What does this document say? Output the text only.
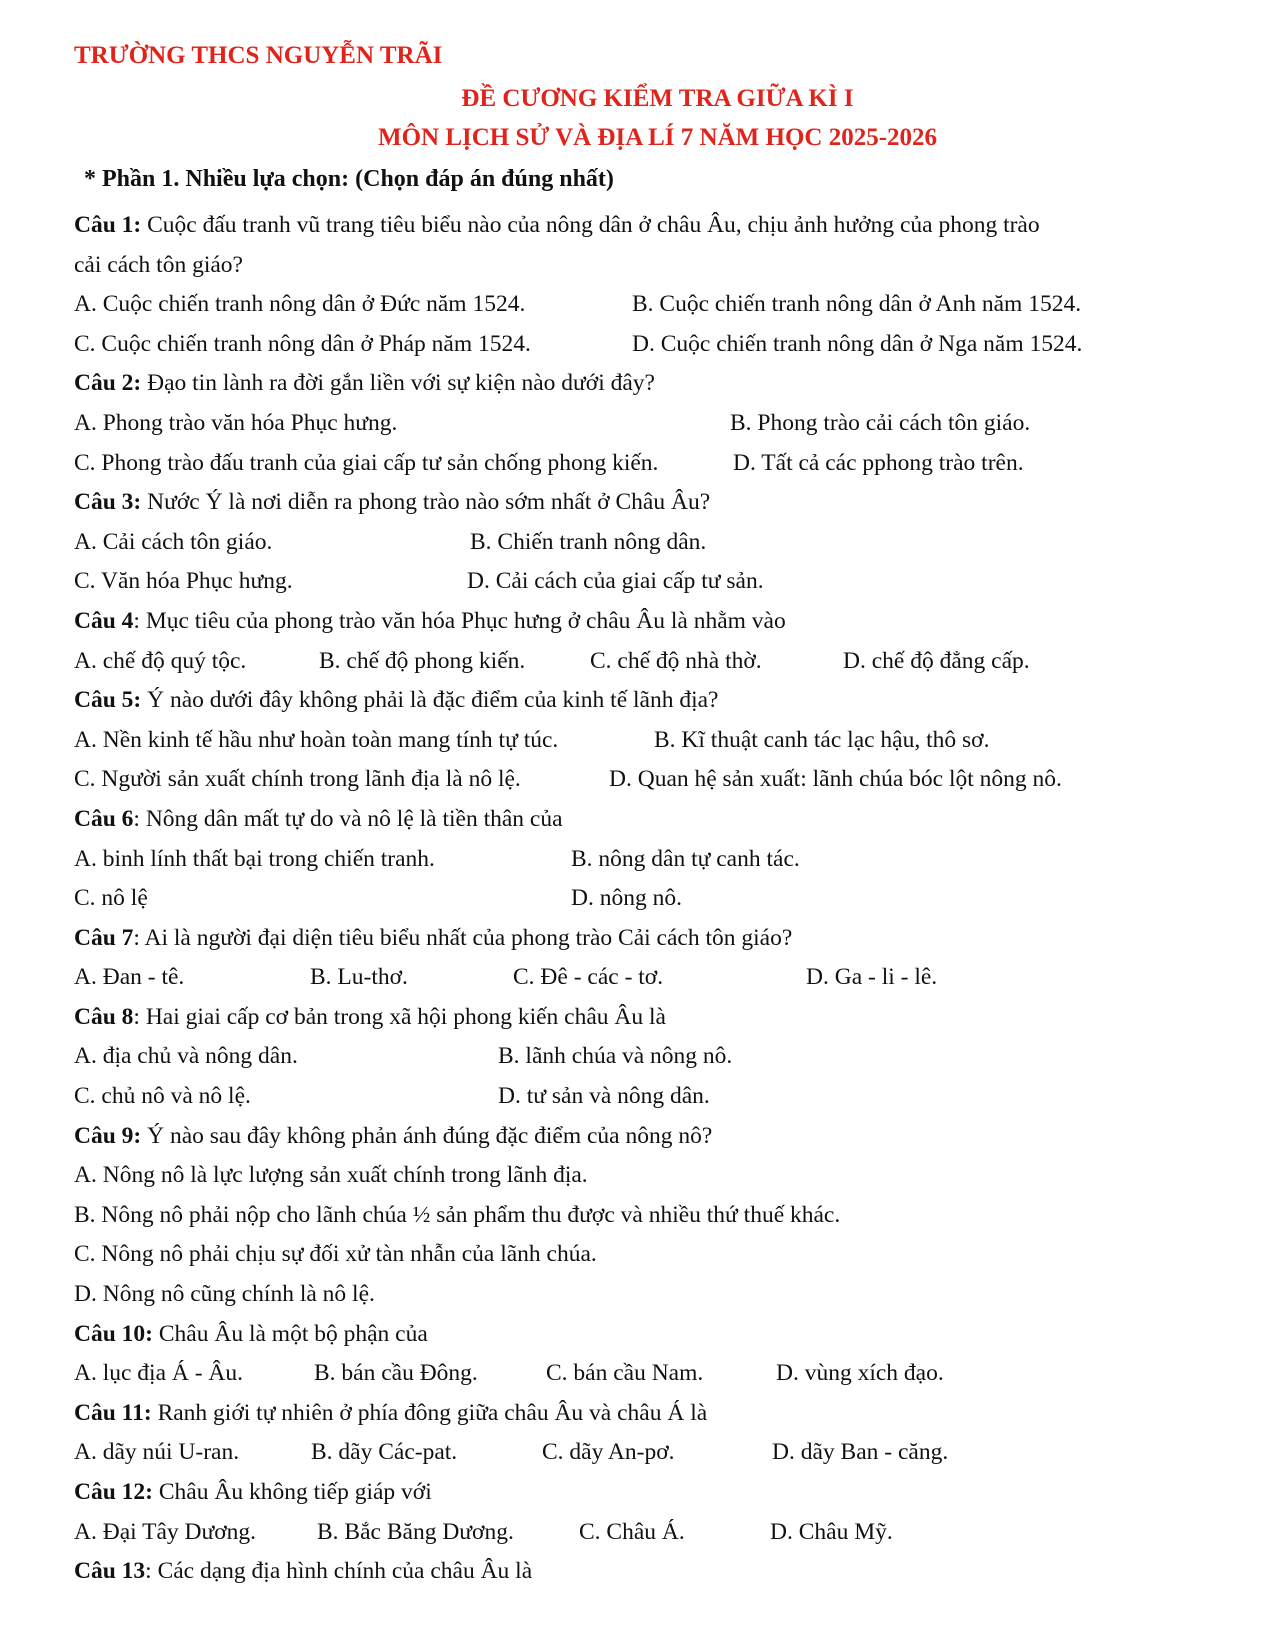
TRƯỜNG THCS NGUYỄN TRÃI
ĐỀ CƯƠNG KIỂM TRA GIỮA KÌ I
MÔN LỊCH SỬ VÀ ĐỊA LÍ 7 NĂM HỌC 2025-2026
* Phần 1. Nhiều lựa chọn: (Chọn đáp án đúng nhất)
Câu 1: Cuộc đấu tranh vũ trang tiêu biểu nào của nông dân ở châu Âu, chịu ảnh hưởng của phong trào
cải cách tôn giáo?
A. Cuộc chiến tranh nông dân ở Đức năm 1524.	B. Cuộc chiến tranh nông dân ở Anh năm 1524.
C. Cuộc chiến tranh nông dân ở Pháp năm 1524.	D. Cuộc chiến tranh nông dân ở Nga năm 1524.
Câu 2: Đạo tin lành ra đời gắn liền với sự kiện nào dưới đây?
A. Phong trào văn hóa Phục hưng.	B. Phong trào cải cách tôn giáo.
C. Phong trào đấu tranh của giai cấp tư sản chống phong kiến.	D. Tất cả các pphong trào trên.
Câu 3: Nước Ý là nơi diễn ra phong trào nào sớm nhất ở Châu Âu?
A. Cải cách tôn giáo.	B. Chiến tranh nông dân.
C. Văn hóa Phục hưng.	D. Cải cách của giai cấp tư sản.
Câu 4: Mục tiêu của phong trào văn hóa Phục hưng ở châu Âu là nhằm vào
A. chế độ quý tộc.	B. chế độ phong kiến.	C. chế độ nhà thờ.	D. chế độ đẳng cấp.
Câu 5: Ý nào dưới đây không phải là đặc điểm của kinh tế lãnh địa?
A. Nền kinh tế hầu như hoàn toàn mang tính tự túc.	B. Kĩ thuật canh tác lạc hậu, thô sơ.
C. Người sản xuất chính trong lãnh địa là nô lệ.	D. Quan hệ sản xuất: lãnh chúa bóc lột nông nô.
Câu 6: Nông dân mất tự do và nô lệ là tiền thân của
A. binh lính thất bại trong chiến tranh.	B. nông dân tự canh tác.
C. nô lệ	D. nông nô.
Câu 7: Ai là người đại diện tiêu biểu nhất của phong trào Cải cách tôn giáo?
A. Đan - tê.	B. Lu-thơ.	C. Đê - các - tơ.	D. Ga - li - lê.
Câu 8: Hai giai cấp cơ bản trong xã hội phong kiến châu Âu là
A. địa chủ và nông dân.	B. lãnh chúa và nông nô.
C. chủ nô và nô lệ.	D. tư sản và nông dân.
Câu 9: Ý nào sau đây không phản ánh đúng đặc điểm của nông nô?
A. Nông nô là lực lượng sản xuất chính trong lãnh địa.
B. Nông nô phải nộp cho lãnh chúa ½ sản phẩm thu được và nhiều thứ thuế khác.
C. Nông nô phải chịu sự đối xử tàn nhẫn của lãnh chúa.
D. Nông nô cũng chính là nô lệ.
Câu 10: Châu Âu là một bộ phận của
A. lục địa Á - Âu.	B. bán cầu Đông.	C. bán cầu Nam.	D. vùng xích đạo.
Câu 11: Ranh giới tự nhiên ở phía đông giữa châu Âu và châu Á là
A. dãy núi U-ran.	B. dãy Các-pat.	C. dãy An-pơ.	D. dãy Ban - căng.
Câu 12: Châu Âu không tiếp giáp với
A. Đại Tây Dương.	B. Bắc Băng Dương.	C. Châu Á.	D. Châu Mỹ.
Câu 13: Các dạng địa hình chính của châu Âu là
